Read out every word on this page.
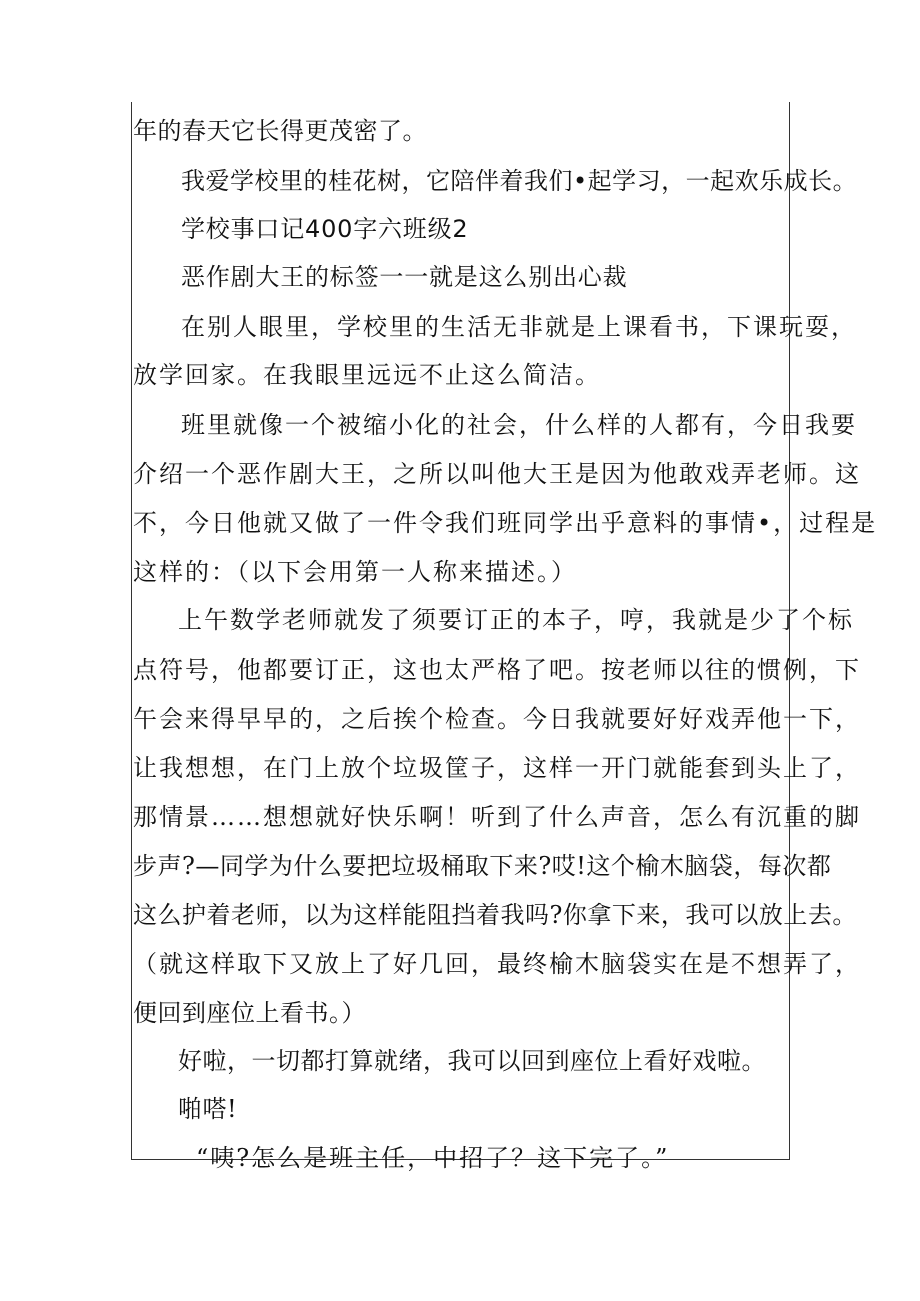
年的春天它长得更茂密了。
我爱学校里的桂花树，它陪伴着我们•起学习，一起欢乐成长。
学校事口记400字六班级2
恶作剧大王的标签一一就是这么别出心裁
在别人眼里，学校里的生活无非就是上课看书，下课玩耍，
放学回家。在我眼里远远不止这么简洁。
班里就像一个被缩小化的社会，什么样的人都有，今日我要
介绍一个恶作剧大王，之所以叫他大王是因为他敢戏弄老师。这
不，今日他就又做了一件令我们班同学出乎意料的事情•，过程是
这样的：（以下会用第一人称来描述。）
上午数学老师就发了须要订正的本子，哼，我就是少了个标
点符号，他都要订正，这也太严格了吧。按老师以往的惯例，下
午会来得早早的，之后挨个检查。今日我就要好好戏弄他一下，
让我想想，在门上放个垃圾筐子，这样一开门就能套到头上了，
那情景……想想就好快乐啊！听到了什么声音，怎么有沉重的脚
步声?—同学为什么要把垃圾桶取下来?哎!这个榆木脑袋，每次都
这么护着老师，以为这样能阻挡着我吗?你拿下来，我可以放上去。
（就这样取下又放上了好几回，最终榆木脑袋实在是不想弄了，
便回到座位上看书。）
好啦，一切都打算就绪，我可以回到座位上看好戏啦。
啪嗒!
“咦?怎么是班主任，中招了？这下完了。”
